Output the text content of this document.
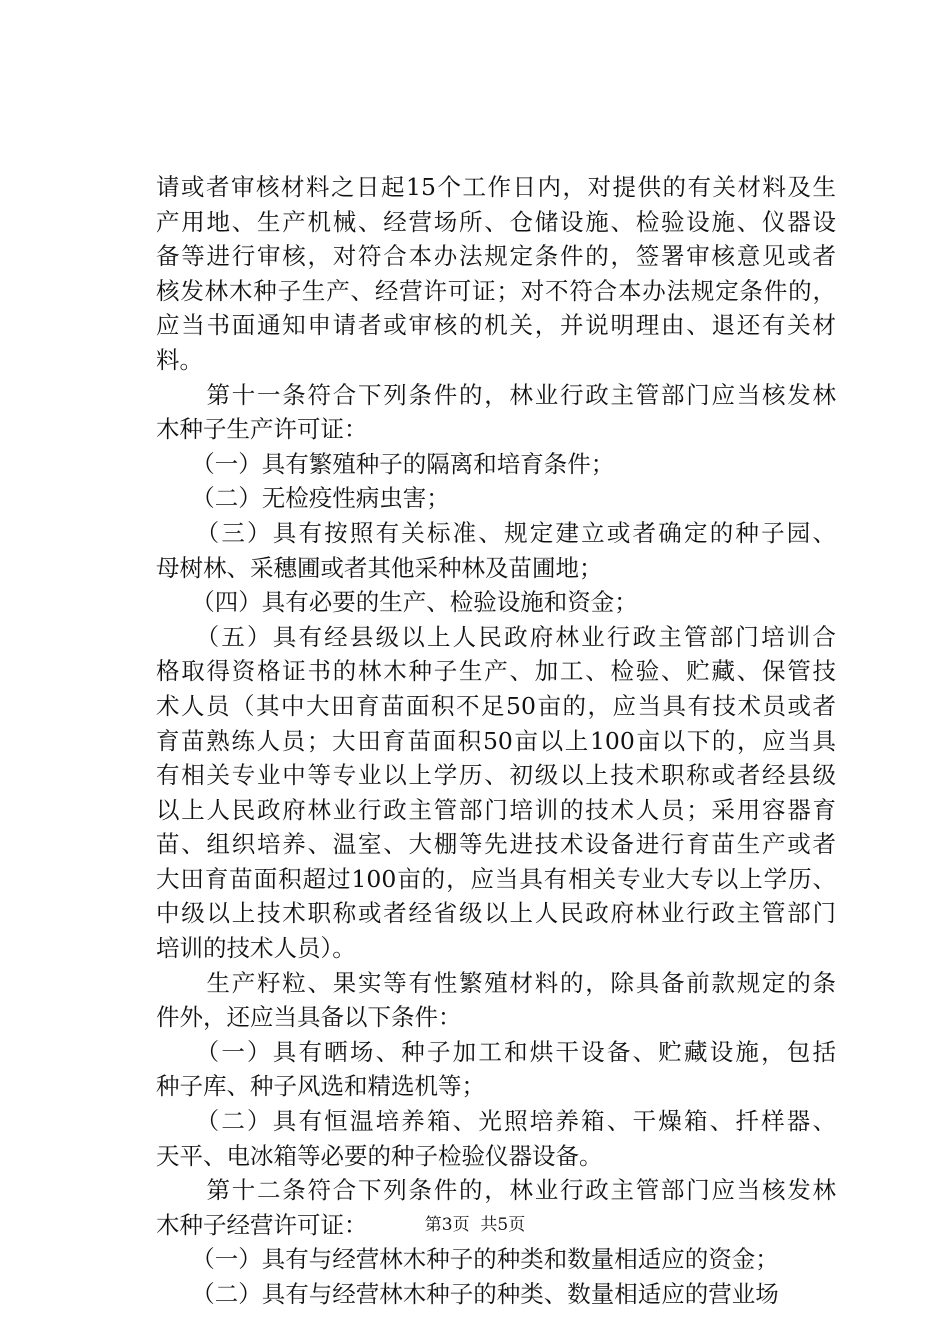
请或者审核材料之日起15个工作日内，对提供的有关材料及生
产用地、生产机械、经营场所、仓储设施、检验设施、仪器设
备等进行审核，对符合本办法规定条件的，签署审核意见或者
核发林木种子生产、经营许可证；对不符合本办法规定条件的，
应当书面通知申请者或审核的机关，并说明理由、退还有关材
料。
　　第十一条符合下列条件的，林业行政主管部门应当核发林
木种子生产许可证：
　　（一）具有繁殖种子的隔离和培育条件；
　　（二）无检疫性病虫害；
　　（三）具有按照有关标准、规定建立或者确定的种子园、
母树林、采穗圃或者其他采种林及苗圃地；
　　（四）具有必要的生产、检验设施和资金；
　　（五）具有经县级以上人民政府林业行政主管部门培训合
格取得资格证书的林木种子生产、加工、检验、贮藏、保管技
术人员（其中大田育苗面积不足50亩的，应当具有技术员或者
育苗熟练人员；大田育苗面积50亩以上100亩以下的，应当具
有相关专业中等专业以上学历、初级以上技术职称或者经县级
以上人民政府林业行政主管部门培训的技术人员；采用容器育
苗、组织培养、温室、大棚等先进技术设备进行育苗生产或者
大田育苗面积超过100亩的，应当具有相关专业大专以上学历、
中级以上技术职称或者经省级以上人民政府林业行政主管部门
培训的技术人员）。
　　生产籽粒、果实等有性繁殖材料的，除具备前款规定的条
件外，还应当具备以下条件：
　　（一）具有晒场、种子加工和烘干设备、贮藏设施，包括
种子库、种子风选和精选机等；
　　（二）具有恒温培养箱、光照培养箱、干燥箱、扦样器、
天平、电冰箱等必要的种子检验仪器设备。
　　第十二条符合下列条件的，林业行政主管部门应当核发林
木种子经营许可证：
　　（一）具有与经营林木种子的种类和数量相适应的资金；
　　（二）具有与经营林木种子的种类、数量相适应的营业场
第3页 共5页
